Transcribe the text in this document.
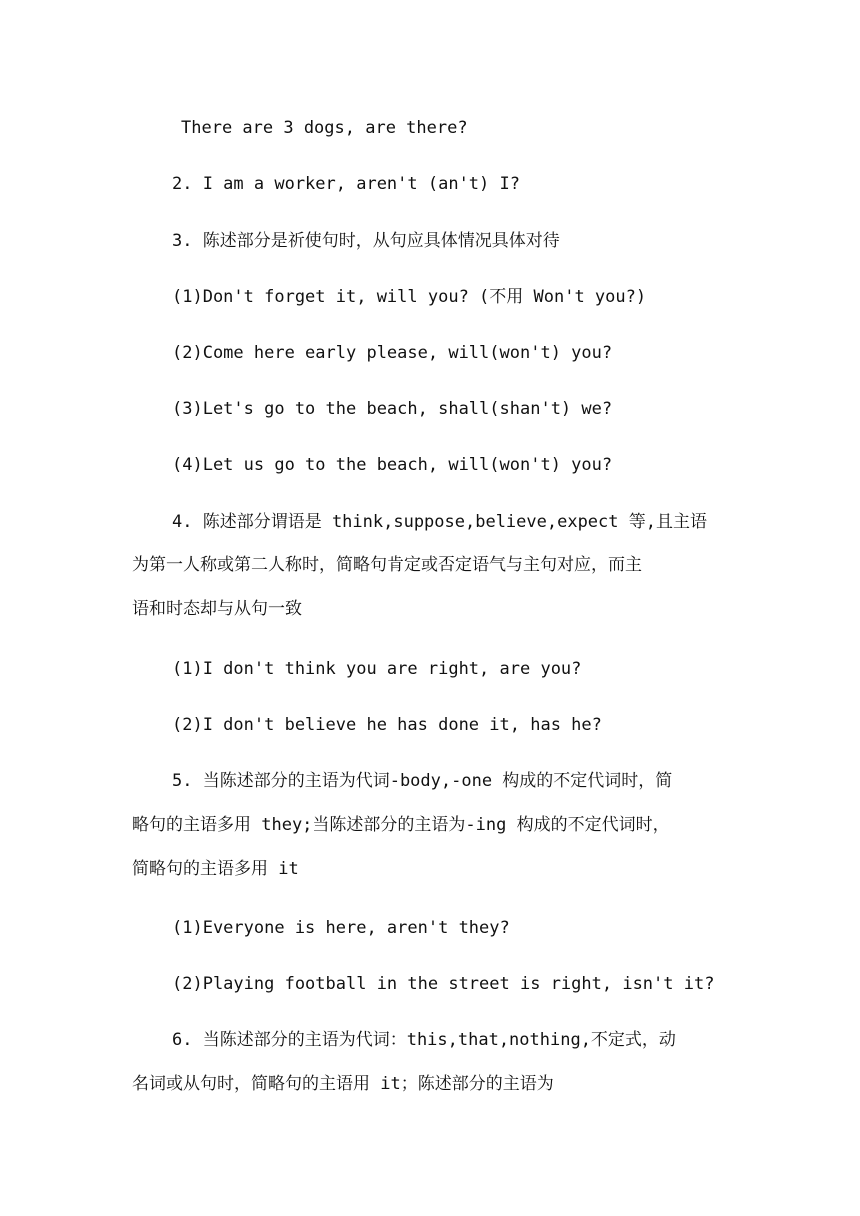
There are 3 dogs, are there?
2. I am a worker, aren't (an't) I?
3. 陈述部分是祈使句时，从句应具体情况具体对待
(1)Don't forget it, will you? (不用 Won't you?)
(2)Come here early please, will(won't) you?
(3)Let's go to the beach, shall(shan't) we?
(4)Let us go to the beach, will(won't) you?
4. 陈述部分谓语是 think,suppose,believe,expect 等,且主语
为第一人称或第二人称时，简略句肯定或否定语气与主句对应，而主
语和时态却与从句一致
(1)I don't think you are right, are you?
(2)I don't believe he has done it, has he?
5. 当陈述部分的主语为代词-body,-one 构成的不定代词时，简
略句的主语多用 they;当陈述部分的主语为-ing 构成的不定代词时，
简略句的主语多用 it
(1)Everyone is here, aren't they?
(2)Playing football in the street is right, isn't it?
6. 当陈述部分的主语为代词：this,that,nothing,不定式，动
名词或从句时，简略句的主语用 it；陈述部分的主语为
